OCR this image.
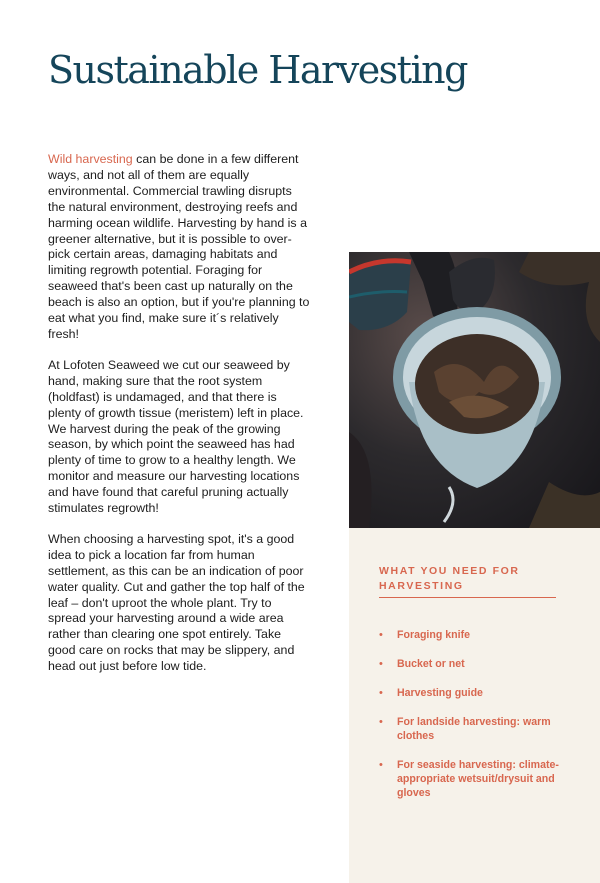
Sustainable Harvesting

Wild harvesting can be done in a few different ways, and not all of them are equally environmental. Commercial trawling disrupts the natural environment, destroying reefs and harming ocean wildlife. Harvesting by hand is a greener alternative, but it is possible to over-pick certain areas, damaging habitats and limiting regrowth potential. Foraging for seaweed that's been cast up naturally on the beach is also an option, but if you're planning to eat what you find, make sure it´s relatively fresh!

At Lofoten Seaweed we cut our seaweed by hand, making sure that the root system (holdfast) is undamaged, and that there is plenty of growth tissue (meristem) left in place. We harvest during the peak of the growing season, by which point the seaweed has had plenty of time to grow to a healthy length. We monitor and measure our harvesting locations and have found that careful pruning actually stimulates regrowth!

When choosing a harvesting spot, it's a good idea to pick a location far from human settlement, as this can be an indication of poor water quality. Cut and gather the top half of the leaf – don't uproot the whole plant. Try to spread your harvesting around a wide area rather than clearing one spot entirely. Take good care on rocks that may be slippery, and head out just before low tide.

WHAT YOU NEED FOR HARVESTING
•	Foraging knife
•	Bucket or net
•	Harvesting guide
•	For landside harvesting: warm clothes
•	For seaside harvesting: climate-appropriate wetsuit/drysuit and gloves
